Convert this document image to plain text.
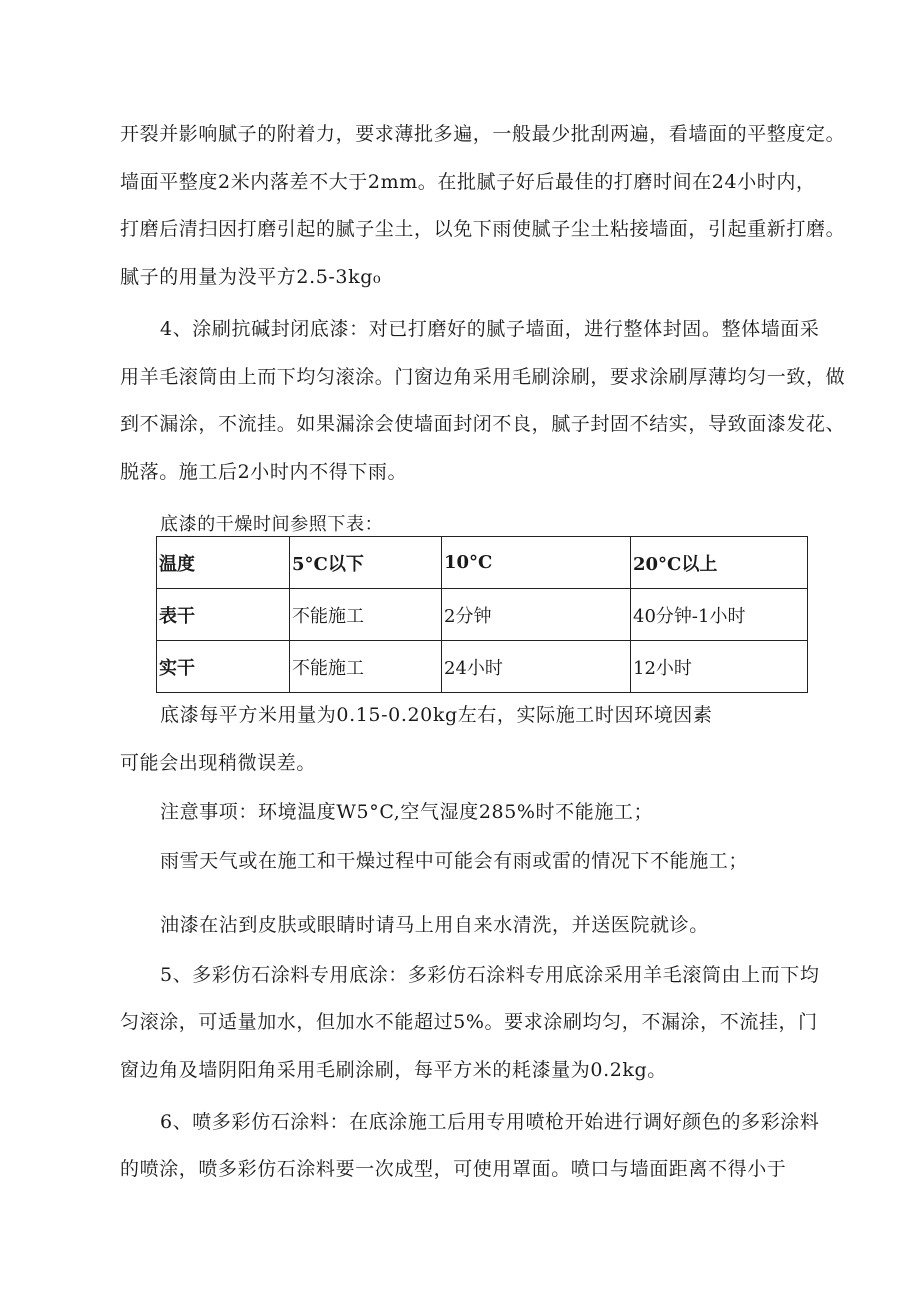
开裂并影响腻子的附着力，要求薄批多遍，一般最少批刮两遍，看墙面的平整度定。
墙面平整度2米内落差不大于2mm。在批腻子好后最佳的打磨时间在24小时内，
打磨后清扫因打磨引起的腻子尘土，以免下雨使腻子尘土粘接墙面，引起重新打磨。
腻子的用量为没平方2.5-3kg₀
4、涂刷抗碱封闭底漆：对已打磨好的腻子墙面，进行整体封固。整体墙面采
用羊毛滚筒由上而下均匀滚涂。门窗边角采用毛刷涂刷，要求涂刷厚薄均匀一致，做
到不漏涂，不流挂。如果漏涂会使墙面封闭不良，腻子封固不结实，导致面漆发花、
脱落。施工后2小时内不得下雨。
底漆的干燥时间参照下表：
温度	5°C以下	10°C	20°C以上
表干	不能施工	2分钟	40分钟-1小时
实干	不能施工	24小时	12小时
底漆每平方米用量为0.15-0.20kg左右，实际施工时因环境因素
可能会出现稍微误差。
注意事项：环境温度W5°C,空气湿度285%时不能施工；
雨雪天气或在施工和干燥过程中可能会有雨或雷的情况下不能施工；
油漆在沾到皮肤或眼睛时请马上用自来水清洗，并送医院就诊。
5、多彩仿石涂料专用底涂：多彩仿石涂料专用底涂采用羊毛滚筒由上而下均
匀滚涂，可适量加水，但加水不能超过5%。要求涂刷均匀，不漏涂，不流挂，门
窗边角及墙阴阳角采用毛刷涂刷，每平方米的耗漆量为0.2kg。
6、喷多彩仿石涂料：在底涂施工后用专用喷枪开始进行调好颜色的多彩涂料
的喷涂，喷多彩仿石涂料要一次成型，可使用罩面。喷口与墙面距离不得小于
